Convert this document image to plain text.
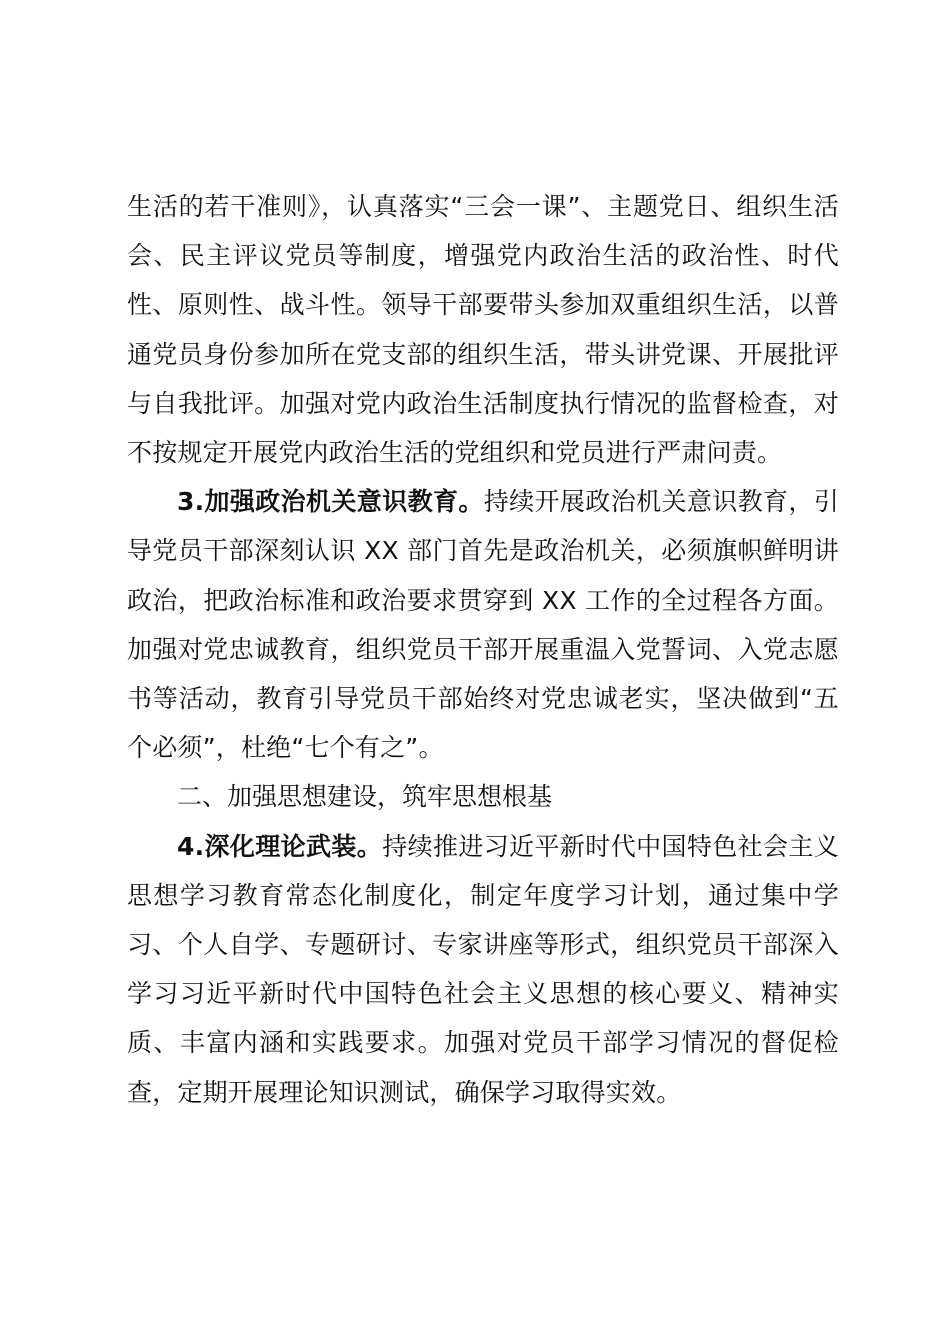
生活的若干准则》，认真落实“三会一课”、主题党日、组织生活会、民主评议党员等制度，增强党内政治生活的政治性、时代性、原则性、战斗性。领导干部要带头参加双重组织生活，以普通党员身份参加所在党支部的组织生活，带头讲党课、开展批评与自我批评。加强对党内政治生活制度执行情况的监督检查，对不按规定开展党内政治生活的党组织和党员进行严肃问责。

3.加强政治机关意识教育。持续开展政治机关意识教育，引导党员干部深刻认识 XX 部门首先是政治机关，必须旗帜鲜明讲政治，把政治标准和政治要求贯穿到 XX 工作的全过程各方面。加强对党忠诚教育，组织党员干部开展重温入党誓词、入党志愿书等活动，教育引导党员干部始终对党忠诚老实，坚决做到“五个必须”，杜绝“七个有之”。

二、加强思想建设，筑牢思想根基

4.深化理论武装。持续推进习近平新时代中国特色社会主义思想学习教育常态化制度化，制定年度学习计划，通过集中学习、个人自学、专题研讨、专家讲座等形式，组织党员干部深入学习习近平新时代中国特色社会主义思想的核心要义、精神实质、丰富内涵和实践要求。加强对党员干部学习情况的督促检查，定期开展理论知识测试，确保学习取得实效。
